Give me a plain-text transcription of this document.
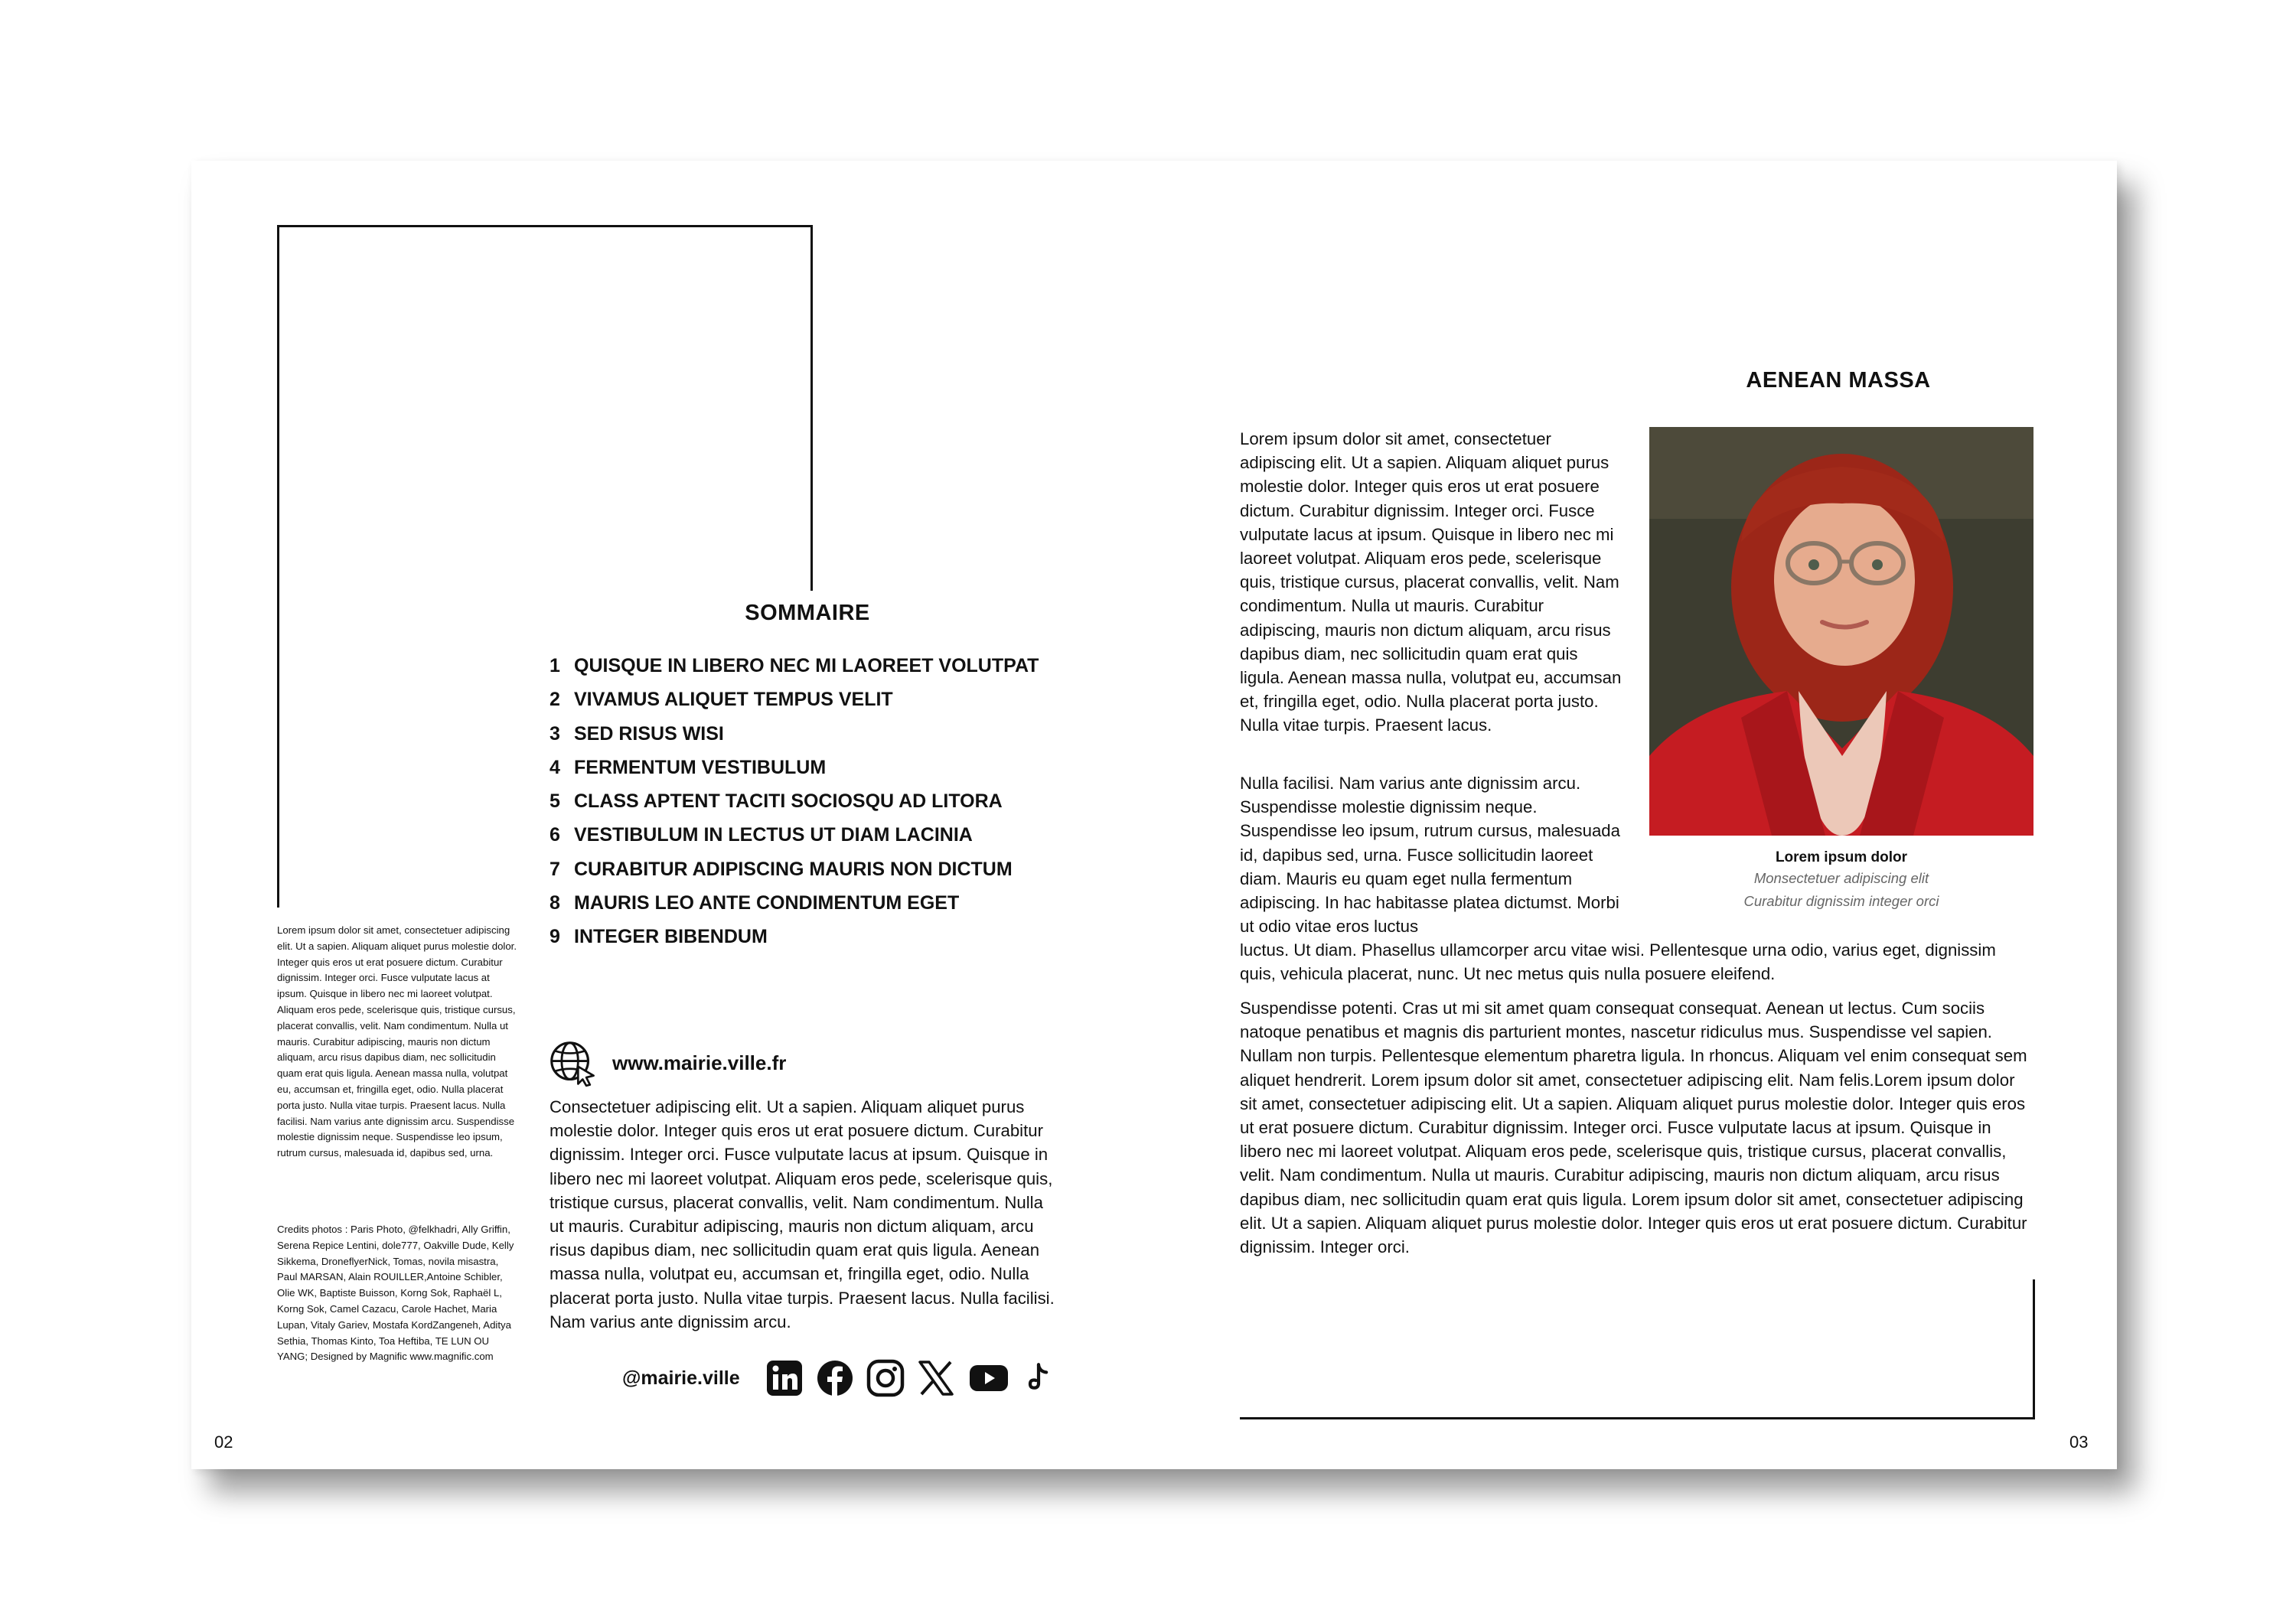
SOMMAIRE
1 QUISQUE IN LIBERO NEC MI LAOREET VOLUTPAT
2 VIVAMUS ALIQUET TEMPUS VELIT
3 SED RISUS WISI
4 FERMENTUM VESTIBULUM
5 CLASS APTENT TACITI SOCIOSQU AD LITORA
6 VESTIBULUM IN LECTUS UT DIAM LACINIA
7 CURABITUR ADIPISCING MAURIS NON DICTUM
8 MAURIS LEO ANTE CONDIMENTUM EGET
9 INTEGER BIBENDUM

Lorem ipsum dolor sit amet, consectetuer adipiscing elit. Ut a sapien. Aliquam aliquet purus molestie dolor. Integer quis eros ut erat posuere dictum. Curabitur dignissim. Integer orci. Fusce vulputate lacus at ipsum. Quisque in libero nec mi laoreet volutpat. Aliquam eros pede, scelerisque quis, tristique cursus, placerat convallis, velit. Nam condimentum. Nulla ut mauris. Curabitur adipiscing, mauris non dictum aliquam, arcu risus dapibus diam, nec sollicitudin quam erat quis ligula. Aenean massa nulla, volutpat eu, accumsan et, fringilla eget, odio. Nulla placerat porta justo. Nulla vitae turpis. Praesent lacus. Nulla facilisi. Nam varius ante dignissim arcu. Suspendisse molestie dignissim neque. Suspendisse leo ipsum, rutrum cursus, malesuada id, dapibus sed, urna.

Credits photos : Paris Photo, @felkhadri, Ally Griffin, Serena Repice Lentini, dole777, Oakville Dude, Kelly Sikkema, DroneflyerNick, Tomas, novila misastra, Paul MARSAN, Alain ROUILLER,Antoine Schibler, Olie WK, Baptiste Buisson, Korng Sok, Raphaël L, Korng Sok, Camel Cazacu, Carole Hachet, Maria Lupan, Vitaly Gariev, Mostafa KordZangeneh, Aditya Sethia, Thomas Kinto, Toa Heftiba, TE LUN OU YANG; Designed by Magnific www.magnific.com

www.mairie.ville.fr

Consectetuer adipiscing elit. Ut a sapien. Aliquam aliquet purus molestie dolor. Integer quis eros ut erat posuere dictum. Curabitur dignissim. Integer orci. Fusce vulputate lacus at ipsum. Quisque in libero nec mi laoreet volutpat. Aliquam eros pede, scelerisque quis, tristique cursus, placerat convallis, velit. Nam condimentum. Nulla ut mauris. Curabitur adipiscing, mauris non dictum aliquam, arcu risus dapibus diam, nec sollicitudin quam erat quis ligula. Aenean massa nulla, volutpat eu, accumsan et, fringilla eget, odio. Nulla placerat porta justo. Nulla vitae turpis. Praesent lacus. Nulla facilisi. Nam varius ante dignissim arcu.

@mairie.ville
02
AENEAN MASSA

Lorem ipsum dolor sit amet, consectetuer adipiscing elit. Ut a sapien. Aliquam aliquet purus molestie dolor. Integer quis eros ut erat posuere dictum. Curabitur dignissim. Integer orci. Fusce vulputate lacus at ipsum. Quisque in libero nec mi laoreet volutpat. Aliquam eros pede, scelerisque quis, tristique cursus, placerat convallis, velit. Nam condimentum. Nulla ut mauris. Curabitur adipiscing, mauris non dictum aliquam, arcu risus dapibus diam, nec sollicitudin quam erat quis ligula. Aenean massa nulla, volutpat eu, accumsan et, fringilla eget, odio. Nulla placerat porta justo. Nulla vitae turpis. Praesent lacus.

Nulla facilisi. Nam varius ante dignissim arcu. Suspendisse molestie dignissim neque. Suspendisse leo ipsum, rutrum cursus, malesuada id, dapibus sed, urna. Fusce sollicitudin laoreet diam. Mauris eu quam eget nulla fermentum adipiscing. In hac habitasse platea dictumst. Morbi ut odio vitae eros luctus

luctus. Ut diam. Phasellus ullamcorper arcu vitae wisi. Pellentesque urna odio, varius eget, dignissim quis, vehicula placerat, nunc. Ut nec metus quis nulla posuere eleifend.

Suspendisse potenti. Cras ut mi sit amet quam consequat consequat. Aenean ut lectus. Cum sociis natoque penatibus et magnis dis parturient montes, nascetur ridiculus mus. Suspendisse vel sapien. Nullam non turpis. Pellentesque elementum pharetra ligula. In rhoncus. Aliquam vel enim consequat sem aliquet hendrerit. Lorem ipsum dolor sit amet, consectetuer adipiscing elit. Nam felis.Lorem ipsum dolor sit amet, consectetuer adipiscing elit. Ut a sapien. Aliquam aliquet purus molestie dolor. Integer quis eros ut erat posuere dictum. Curabitur dignissim. Integer orci. Fusce vulputate lacus at ipsum. Quisque in libero nec mi laoreet volutpat. Aliquam eros pede, scelerisque quis, tristique cursus, placerat convallis, velit. Nam condimentum. Nulla ut mauris. Curabitur adipiscing, mauris non dictum aliquam, arcu risus dapibus diam, nec sollicitudin quam erat quis ligula. Lorem ipsum dolor sit amet, consectetuer adipiscing elit. Ut a sapien. Aliquam aliquet purus molestie dolor. Integer quis eros ut erat posuere dictum. Curabitur dignissim. Integer orci.

Lorem ipsum dolor
Monsectetuer adipiscing elit
Curabitur dignissim integer orci
03
